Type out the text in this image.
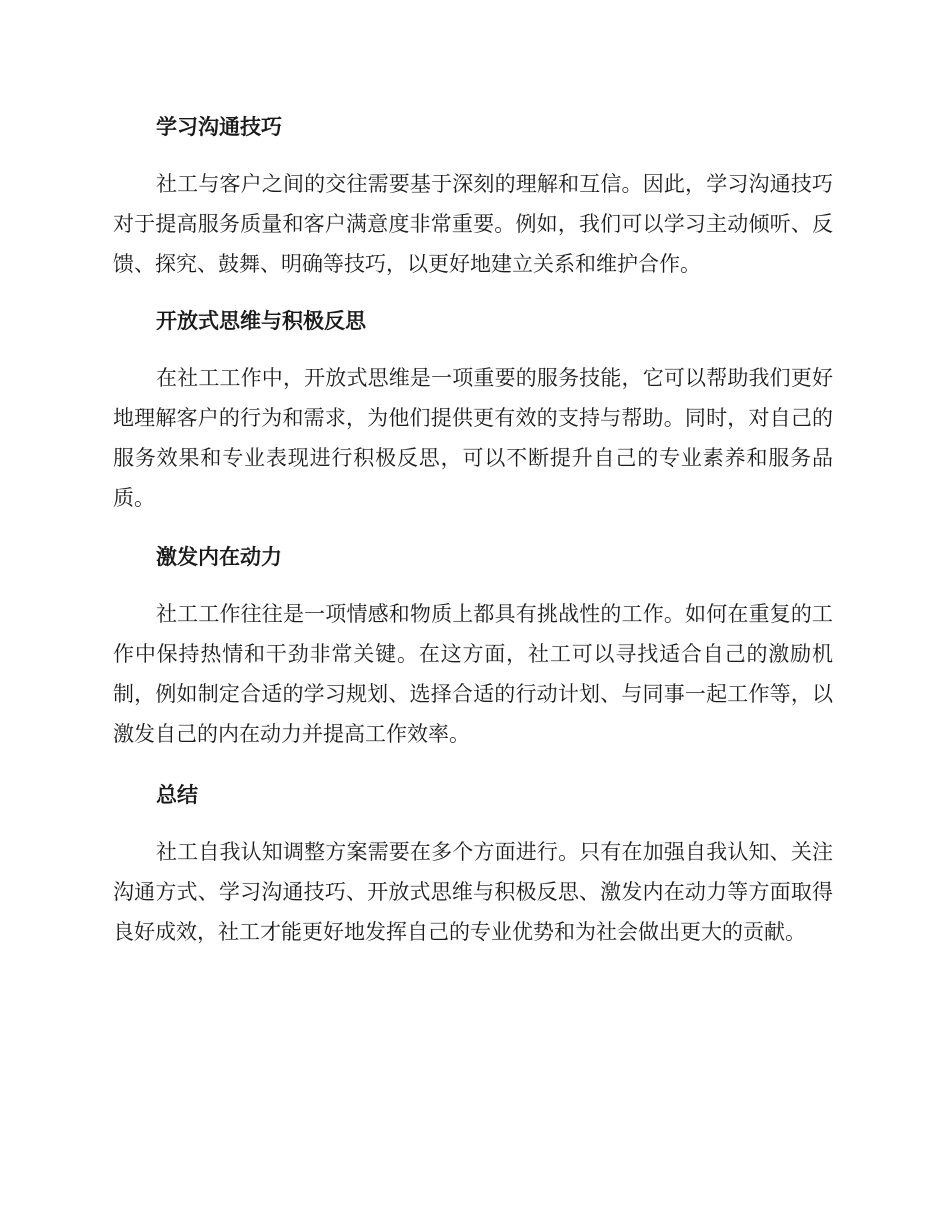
学习沟通技巧

社工与客户之间的交往需要基于深刻的理解和互信。因此，学习沟通技巧对于提高服务质量和客户满意度非常重要。例如，我们可以学习主动倾听、反馈、探究、鼓舞、明确等技巧，以更好地建立关系和维护合作。

开放式思维与积极反思

在社工工作中，开放式思维是一项重要的服务技能，它可以帮助我们更好地理解客户的行为和需求，为他们提供更有效的支持与帮助。同时，对自己的服务效果和专业表现进行积极反思，可以不断提升自己的专业素养和服务品质。

激发内在动力

社工工作往往是一项情感和物质上都具有挑战性的工作。如何在重复的工作中保持热情和干劲非常关键。在这方面，社工可以寻找适合自己的激励机制，例如制定合适的学习规划、选择合适的行动计划、与同事一起工作等，以激发自己的内在动力并提高工作效率。

总结

社工自我认知调整方案需要在多个方面进行。只有在加强自我认知、关注沟通方式、学习沟通技巧、开放式思维与积极反思、激发内在动力等方面取得良好成效，社工才能更好地发挥自己的专业优势和为社会做出更大的贡献。
